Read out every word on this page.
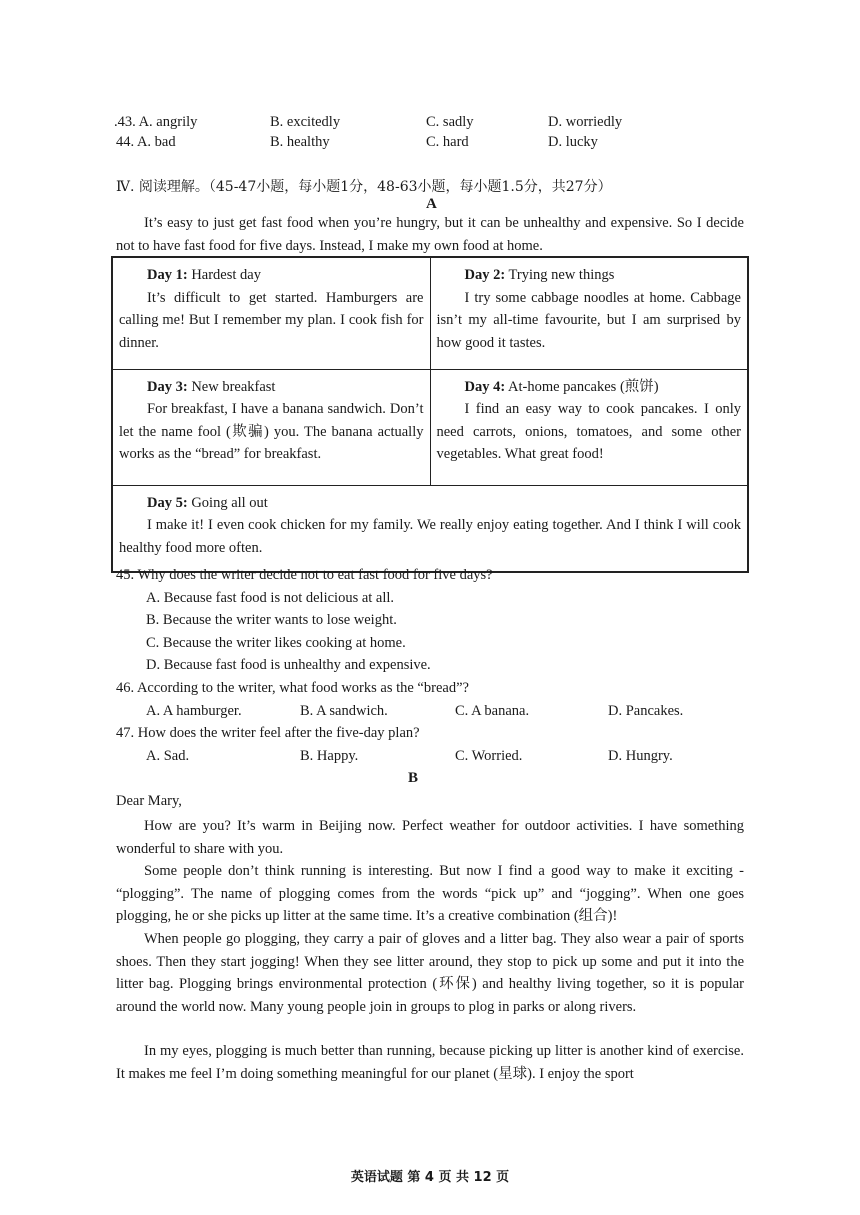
.43. A. angrily	B. excitedly	C. sadly	D. worriedly
44. A. bad	B. healthy	C. hard	D. lucky
Ⅳ. 阅读理解。（45-47小题，每小题1分，48-63小题，每小题1.5分，共27分）
A
It’s easy to just get fast food when you’re hungry, but it can be unhealthy and expensive. So I decide not to have fast food for five days. Instead, I make my own food at home.
Day 1: Hardest day
It’s difficult to get started. Hamburgers are calling me! But I remember my plan. I cook fish for dinner.	Day 2: Trying new things
I try some cabbage noodles at home. Cabbage isn’t my all-time favourite, but I am surprised by how good it tastes.

Day 3: New breakfast
For breakfast, I have a banana sandwich. Don’t let the name fool (欺骗) you. The banana actually works as the “bread” for breakfast.	Day 4: At-home pancakes (煎饼)
I find an easy way to cook pancakes. I only need carrots, onions, tomatoes, and some other vegetables. What great food!

Day 5: Going all out
I make it! I even cook chicken for my family. We really enjoy eating together. And I think I will cook healthy food more often.	
45. Why does the writer decide not to eat fast food for five days?
A. Because fast food is not delicious at all.
B. Because the writer wants to lose weight.
C. Because the writer likes cooking at home.
D. Because fast food is unhealthy and expensive.
46. According to the writer, what food works as the “bread”?
A. A hamburger.	B. A sandwich.	C. A banana.	D. Pancakes.
47. How does the writer feel after the five-day plan?
A. Sad.	B. Happy.	C. Worried.	D. Hungry.
B
Dear Mary,
How are you? It’s warm in Beijing now. Perfect weather for outdoor activities. I have something wonderful to share with you.
Some people don’t think running is interesting. But now I find a good way to make it exciting - “plogging”. The name of plogging comes from the words “pick up” and “jogging”. When one goes plogging, he or she picks up litter at the same time. It’s a creative combination (组合)!
When people go plogging, they carry a pair of gloves and a litter bag. They also wear a pair of sports shoes. Then they start jogging! When they see litter around, they stop to pick up some and put it into the litter bag. Plogging brings environmental protection (环保) and healthy living together, so it is popular around the world now. Many young people join in groups to plog in parks or along rivers.
In my eyes, plogging is much better than running, because picking up litter is another kind of exercise. It makes me feel I’m doing something meaningful for our planet (星球). I enjoy the sport
英语试题 第 4 页 共 12 页
